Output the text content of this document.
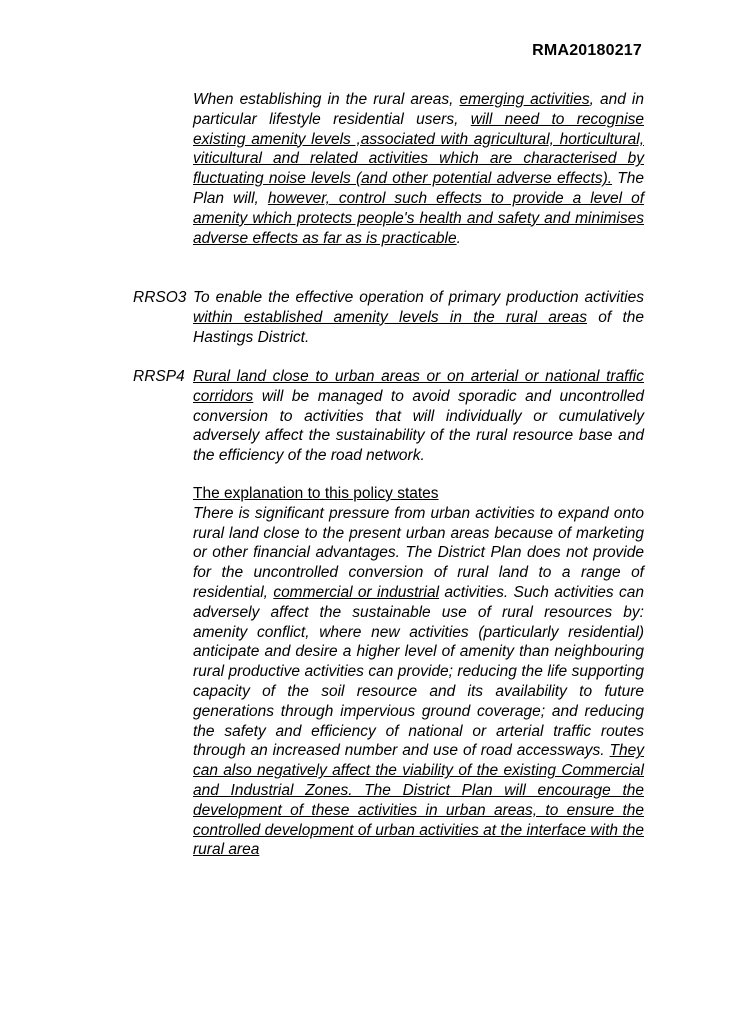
RMA20180217
When establishing in the rural areas, emerging activities, and in particular lifestyle residential users, will need to recognise existing amenity levels ,associated with agricultural, horticultural, viticultural and related activities which are characterised by fluctuating noise levels (and other potential adverse effects). The Plan will, however, control such effects to provide a level of amenity which protects people's health and safety and minimises adverse effects as far as is practicable.
RRSO3 To enable the effective operation of primary production activities within established amenity levels in the rural areas of the Hastings District.
RRSP4 Rural land close to urban areas or on arterial or national traffic corridors will be managed to avoid sporadic and uncontrolled conversion to activities that will individually or cumulatively adversely affect the sustainability of the rural resource base and the efficiency of the road network.
The explanation to this policy states
There is significant pressure from urban activities to expand onto rural land close to the present urban areas because of marketing or other financial advantages. The District Plan does not provide for the uncontrolled conversion of rural land to a range of residential, commercial or industrial activities. Such activities can adversely affect the sustainable use of rural resources by: amenity conflict, where new activities (particularly residential) anticipate and desire a higher level of amenity than neighbouring rural productive activities can provide; reducing the life supporting capacity of the soil resource and its availability to future generations through impervious ground coverage; and reducing the safety and efficiency of national or arterial traffic routes through an increased number and use of road accessways. They can also negatively affect the viability of the existing Commercial and Industrial Zones. The District Plan will encourage the development of these activities in urban areas, to ensure the controlled development of urban activities at the interface with the rural area
